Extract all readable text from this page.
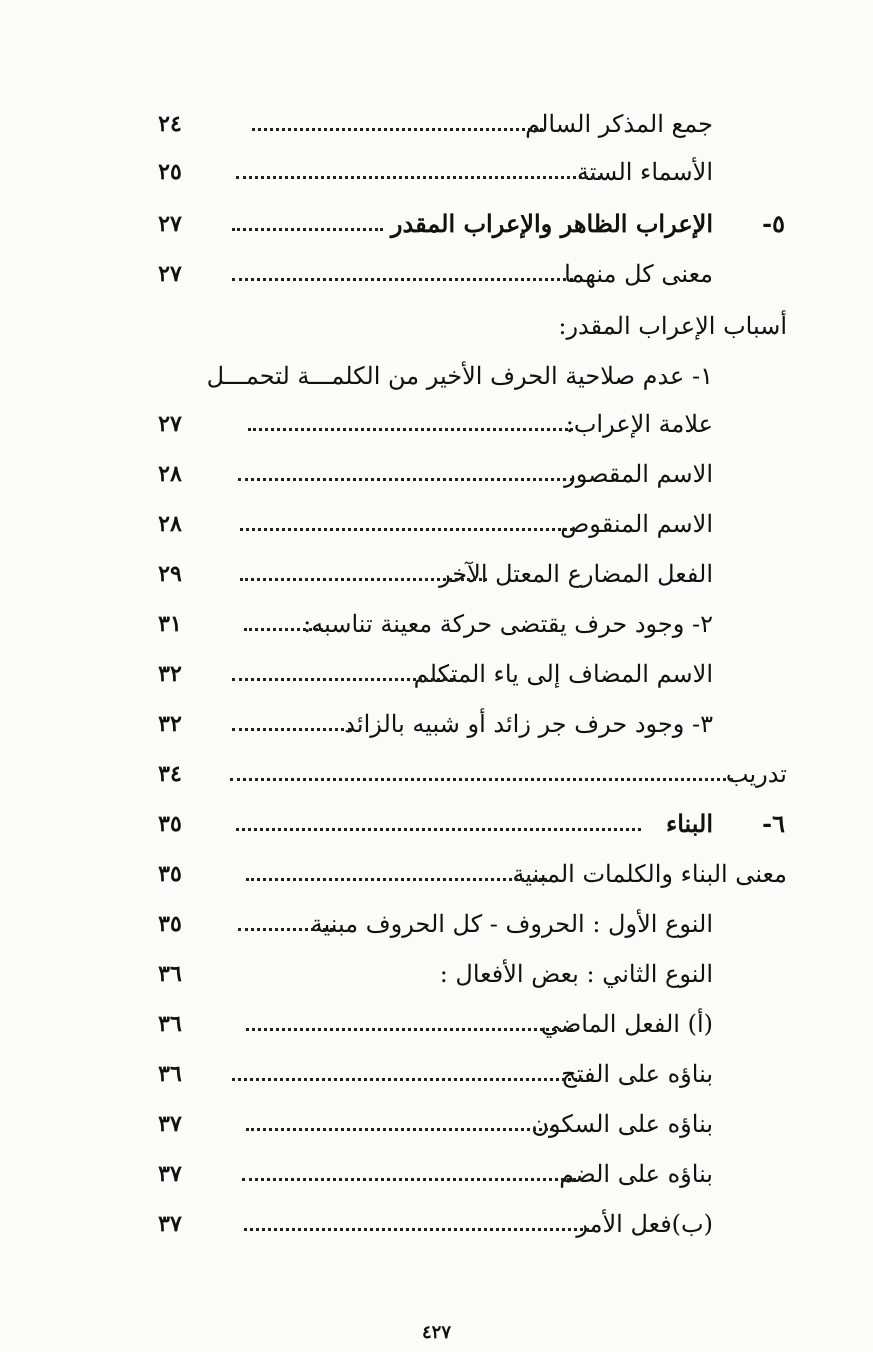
جمع المذكر السالم
٢٤
الأسماء الستة
٢٥
٥-
الإعراب الظاهر والإعراب المقدر
٢٧
معنى كل منهما
٢٧
أسباب الإعراب المقدر:
١- عدم صلاحية الحرف الأخير من الكلمـــة لتحمـــل
علامة الإعراب:
٢٧
الاسم المقصور
٢٨
الاسم المنقوص
٢٨
الفعل المضارع المعتل الآخر
٢٩
٢- وجود حرف يقتضى حركة معينة تناسبه:
٣١
الاسم المضاف إلى ياء المتكلم
٣٢
٣- وجود حرف جر زائد أو شبيه بالزائد
٣٢
تدريب
٣٤
٦-
البناء
٣٥
معنى البناء والكلمات المبنية
٣٥
النوع الأول : الحروف - كل الحروف مبنية
٣٥
النوع الثاني : بعض الأفعال :
٣٦
(أ) الفعل الماضي
٣٦
بناؤه على الفتح
٣٦
بناؤه على السكون
٣٧
بناؤه على الضم
٣٧
(ب)فعل الأمر
٣٧
٤٢٧
